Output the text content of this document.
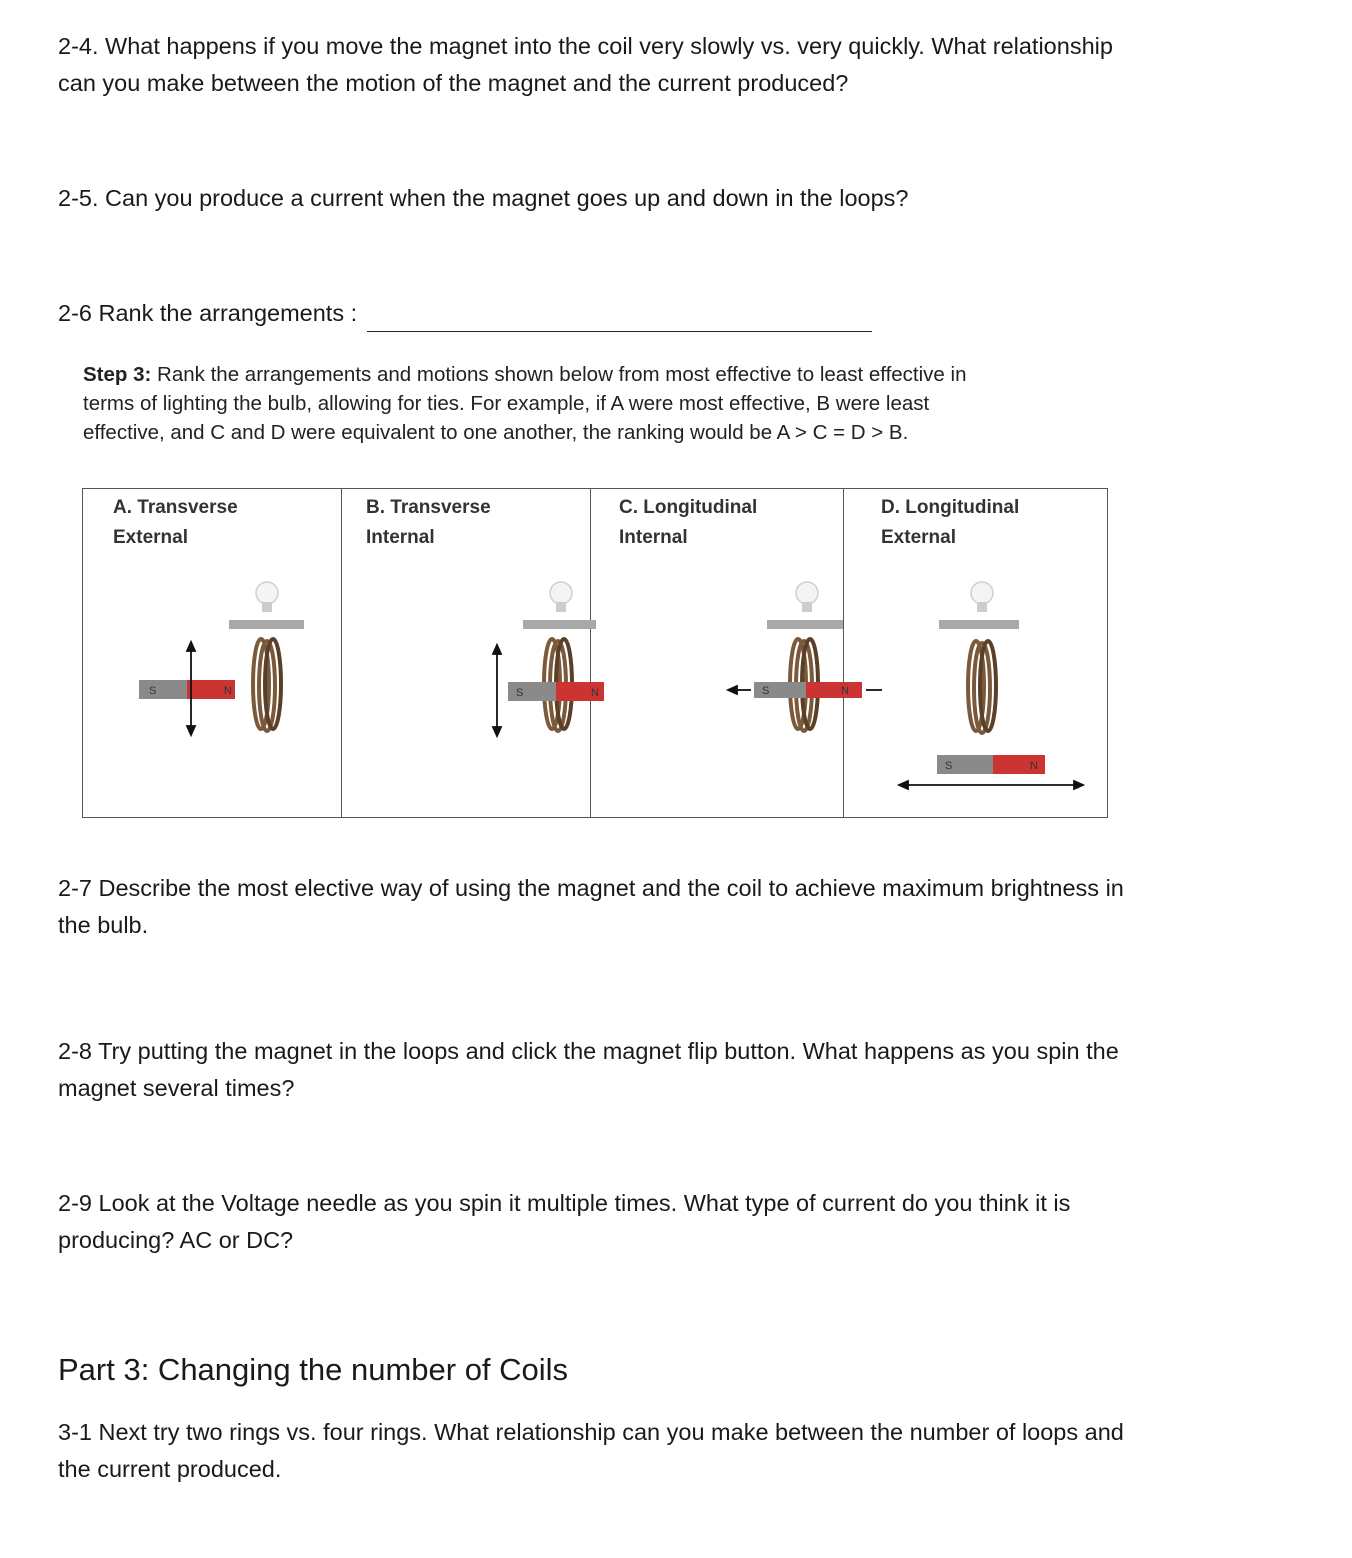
2-4. What happens if you move the magnet into the coil very slowly vs. very quickly. What relationship

can you make between the motion of the magnet and the current produced?

2-5. Can you produce a current when the magnet goes up and down in the loops?

2-6 Rank the arrangements :

Step 3: Rank the arrangements and motions shown below from most effective to least effective in
terms of lighting the bulb, allowing for ties. For example, if A were most effective, B were least
effective, and C and D were equivalent to one another, the ranking would be A > C = D > B.
A. Transverse
External
S	N
B. Transverse
Internal
S	N
C. Longitudinal
Internal
S	N
D. Longitudinal
External
S	N

2-7 Describe the most elective way of using the magnet and the coil to achieve maximum brightness in

the bulb.

2-8 Try putting the magnet in the loops and click the magnet flip button. What happens as you spin the

magnet several times?

2-9 Look at the Voltage needle as you spin it multiple times. What type of current do you think it is

producing? AC or DC?

Part 3: Changing the number of Coils

3-1 Next try two rings vs. four rings. What relationship can you make between the number of loops and

the current produced.
